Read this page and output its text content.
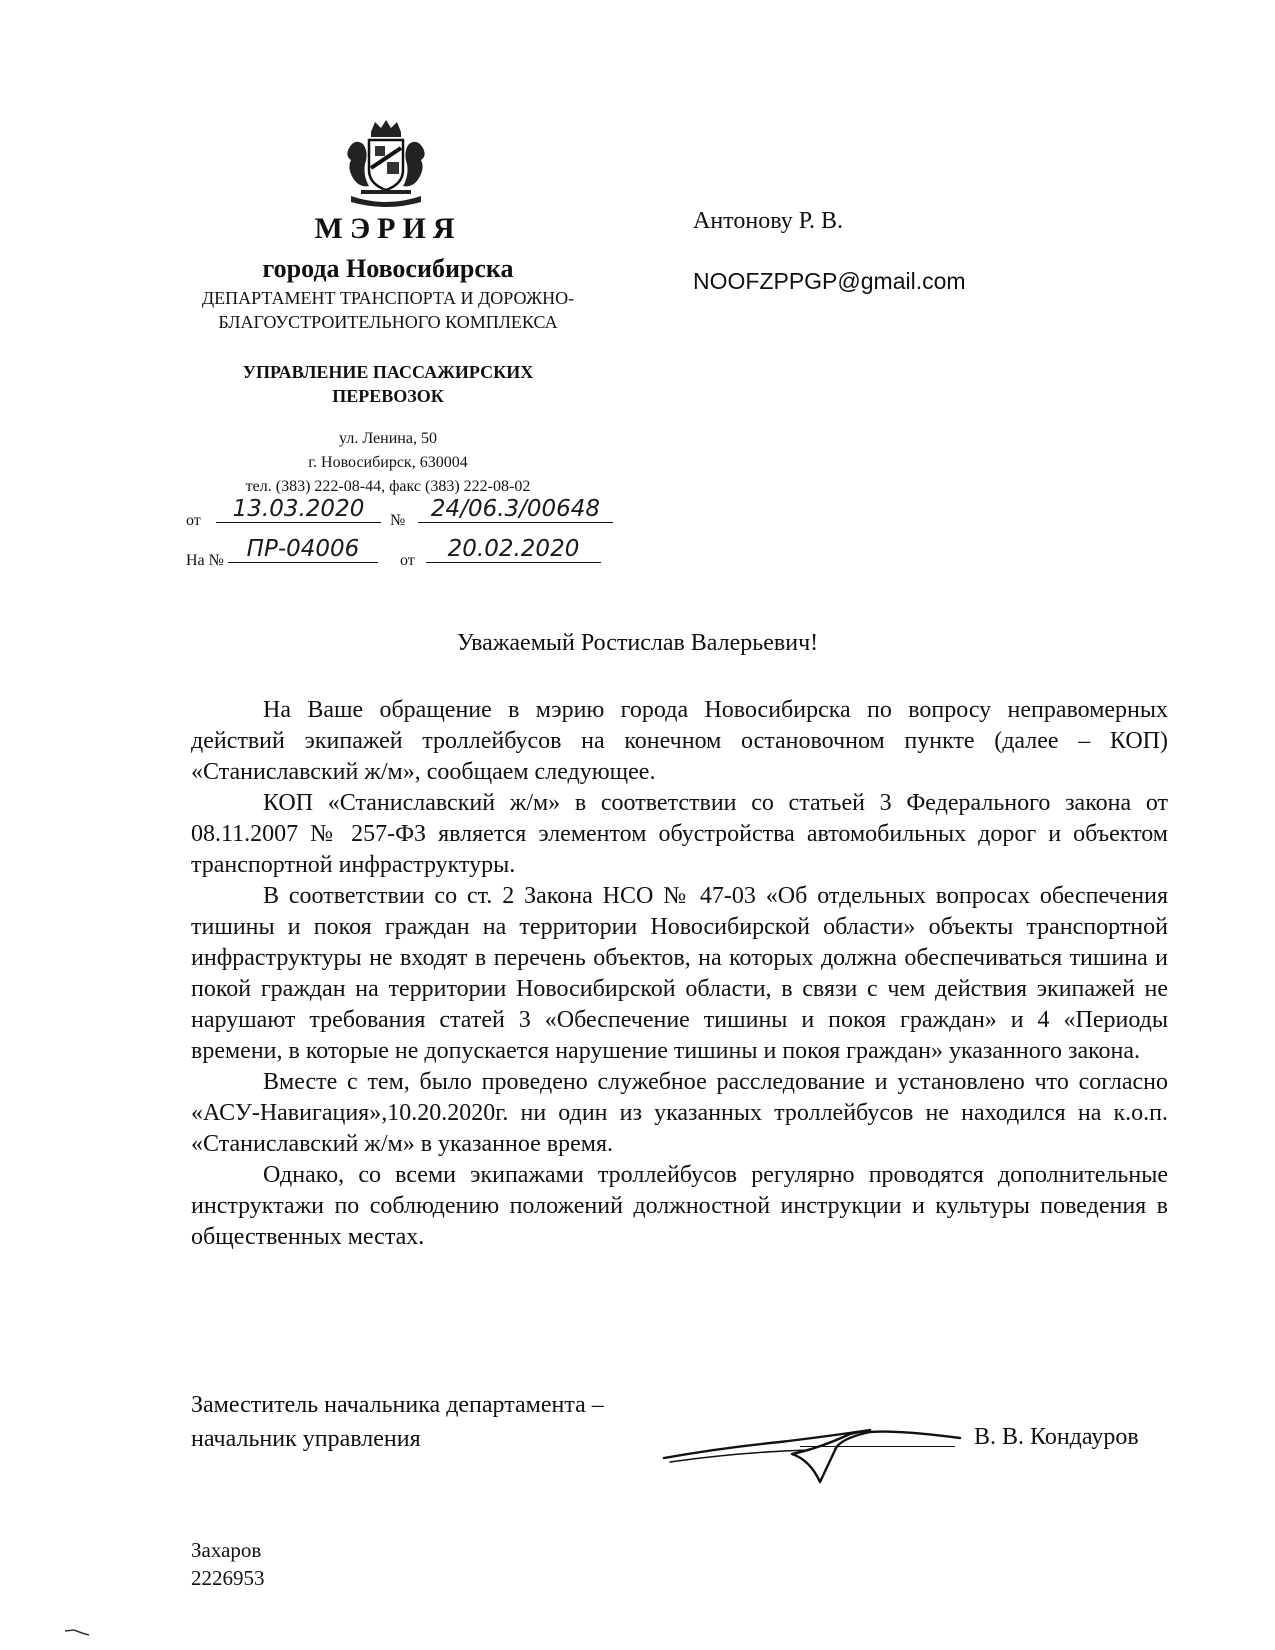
МЭРИЯ
города Новосибирска
ДЕПАРТАМЕНТ ТРАНСПОРТА И ДОРОЖНО-БЛАГОУСТРОИТЕЛЬНОГО КОМПЛЕКСА
УПРАВЛЕНИЕ ПАССАЖИРСКИХ ПЕРЕВОЗОК
ул. Ленина, 50
г. Новосибирск, 630004
тел. (383) 222-08-44, факс (383) 222-08-02
от	13.03.2020	№	24/06.3/00648
На № ПР-04006	от	20.02.2020
Антонову Р. В.
NOOFZPPGP@gmail.com
Уважаемый Ростислав Валерьевич!

На Ваше обращение в мэрию города Новосибирска по вопросу неправомерных действий экипажей троллейбусов на конечном остановочном пункте (далее – КОП) «Станиславский ж/м», сообщаем следующее.

КОП «Станиславский ж/м» в соответствии со статьей 3 Федерального закона от 08.11.2007 № 257-ФЗ является элементом обустройства автомобильных дорог и объектом транспортной инфраструктуры.

В соответствии со ст. 2 Закона НСО № 47-03 «Об отдельных вопросах обеспечения тишины и покоя граждан на территории Новосибирской области» объекты транспортной инфраструктуры не входят в перечень объектов, на которых должна обеспечиваться тишина и покой граждан на территории Новосибирской области, в связи с чем действия экипажей не нарушают требования статей 3 «Обеспечение тишины и покоя граждан» и 4 «Периоды времени, в которые не допускается нарушение тишины и покоя граждан» указанного закона.

Вместе с тем, было проведено служебное расследование и установлено что согласно «АСУ-Навигация»,10.20.2020г. ни один из указанных троллейбусов не находился на к.о.п. «Станиславский ж/м» в указанное время.

Однако, со всеми экипажами троллейбусов регулярно проводятся дополнительные инструктажи по соблюдению положений должностной инструкции и культуры поведения в общественных местах.

Заместитель начальника департамента –
начальник управления	В. В. Кондауров
Захаров
2226953
